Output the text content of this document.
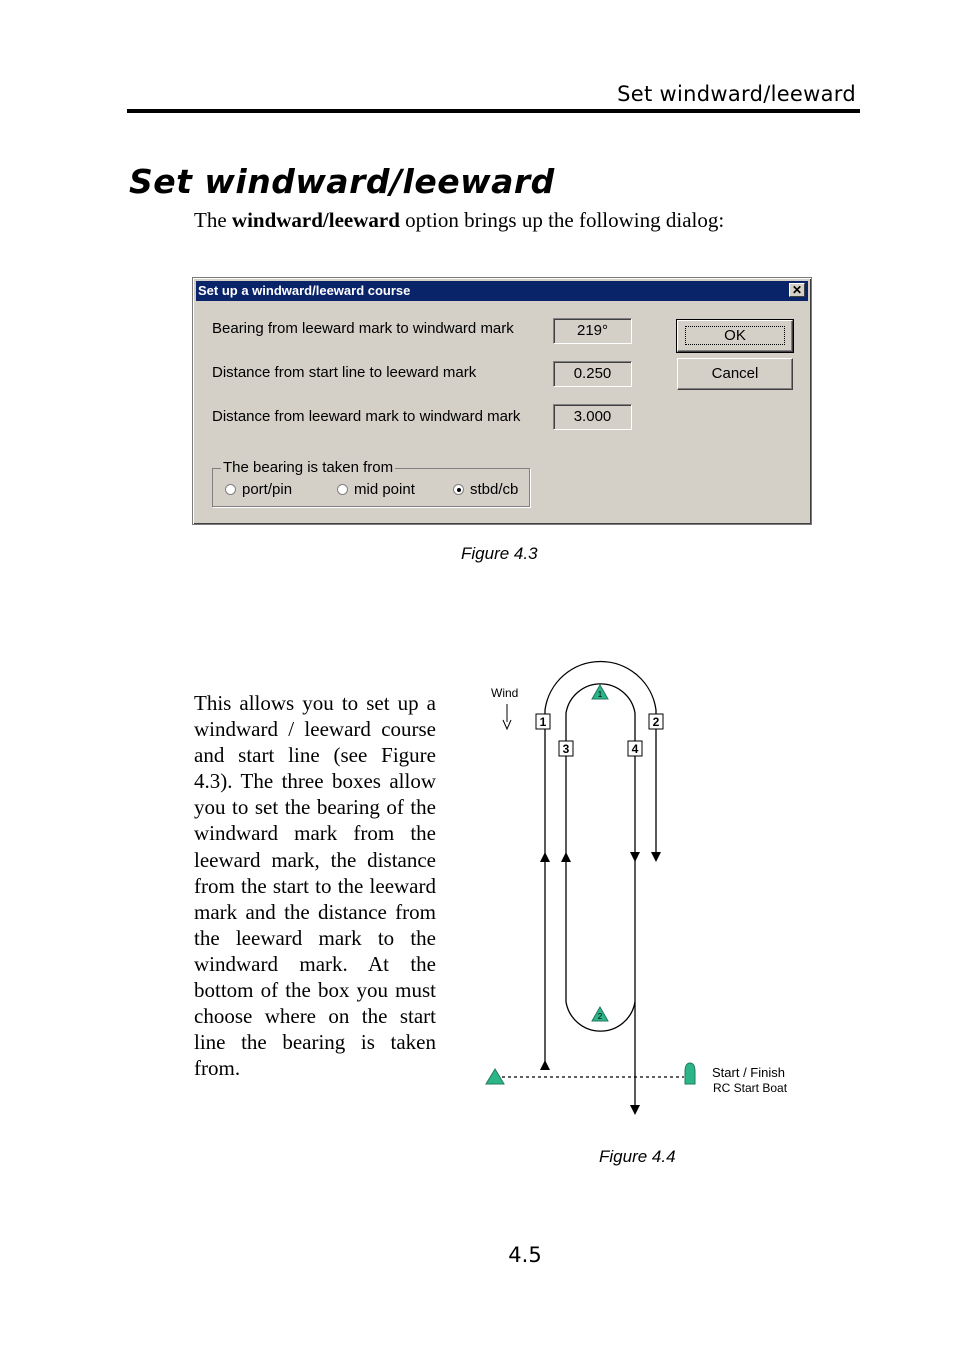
Set windward/leeward
Set windward/leeward
The windward/leeward option brings up the following dialog:
Set up a windward/leeward course	✕
Bearing from leeward mark to windward mark	219°
Distance from start line to leeward mark	0.250
Distance from leeward mark to windward mark	3.000
OK
Cancel
The bearing is taken from
port/pin	mid point	stbd/cb
Figure 4.3
This allows you to set up a windward / leeward course and start line (see Figure 4.3). The three boxes allow you to set the bearing of the windward mark from the leeward mark, the distance from the start to the leeward mark and the distance from the leeward mark to the windward mark. At the bottom of the box you must choose where on the start line the bearing is taken from.
Wind
1	2
3	4
1
2
Start / Finish
RC Start Boat
Figure 4.4
4.5
